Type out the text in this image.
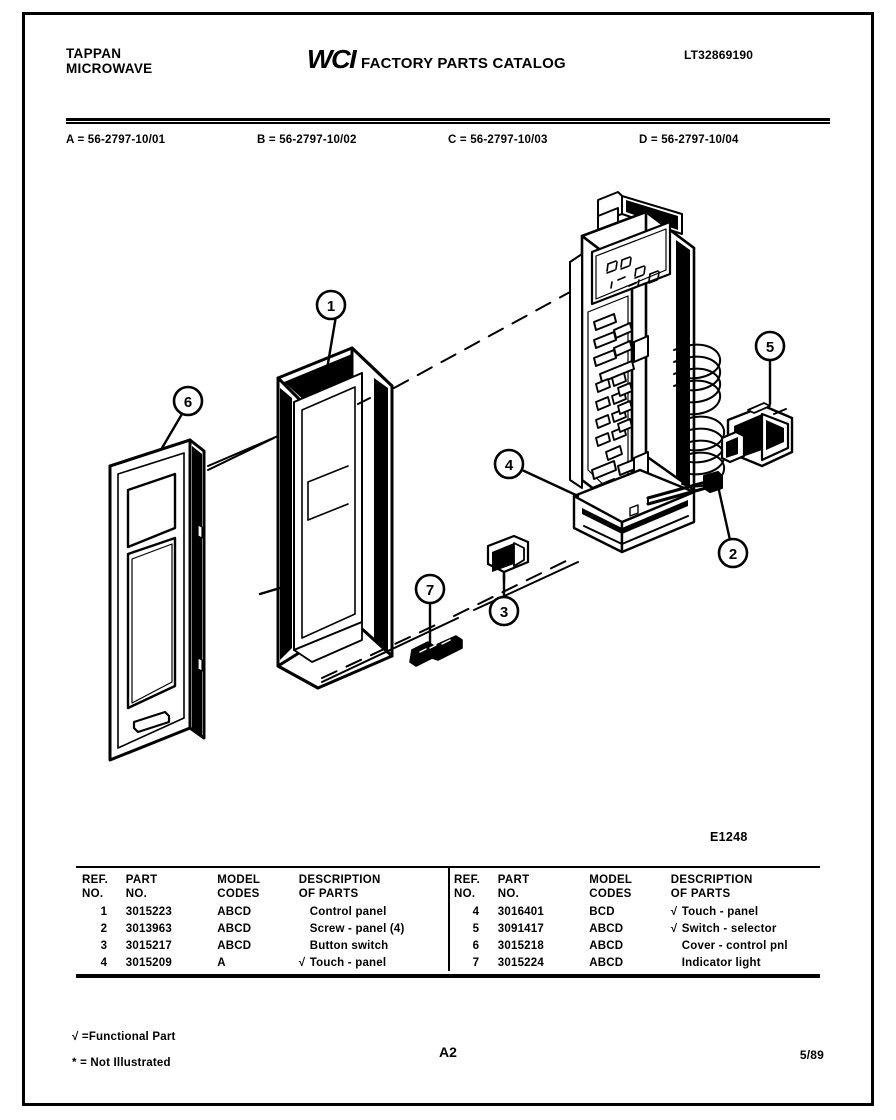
TAPPAN
MICROWAVE	WCI FACTORY PARTS CATALOG	LT32869190
A = 56-2797-10/01	B = 56-2797-10/02	C = 56-2797-10/03	D = 56-2797-10/04
1
6
7
3
4
5
2
E1248
REF.
NO.

PART
NO.

MODEL
CODES

DESCRIPTION
OF PARTS

1	3015223	ABCD	Control panel
2	3013963	ABCD	Screw - panel (4)
3	3015217	ABCD	Button switch
4	3015209	A	√ Touch - panel
REF.
NO.

PART
NO.

MODEL
CODES

DESCRIPTION
OF PARTS

4	3016401	BCD	√ Touch - panel
5	3091417	ABCD	√ Switch - selector
6	3015218	ABCD	Cover - control pnl
7	3015224	ABCD	Indicator light
√ =Functional Part
* = Not Illustrated
A2	5/89
